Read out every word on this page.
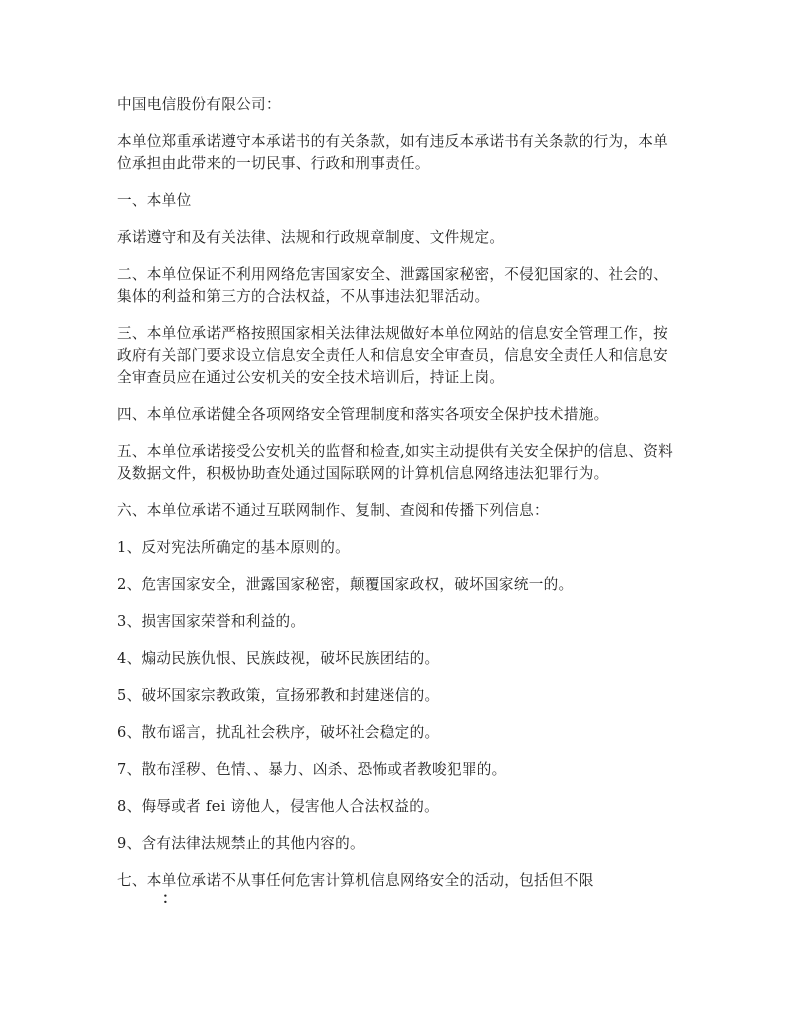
中国电信股份有限公司：

本单位郑重承诺遵守本承诺书的有关条款，如有违反本承诺书有关条款的行为，本单位承担由此带来的一切民事、行政和刑事责任。

一、本单位

承诺遵守和及有关法律、法规和行政规章制度、文件规定。

二、本单位保证不利用网络危害国家安全、泄露国家秘密，不侵犯国家的、社会的、集体的利益和第三方的合法权益，不从事违法犯罪活动。

三、本单位承诺严格按照国家相关法律法规做好本单位网站的信息安全管理工作，按政府有关部门要求设立信息安全责任人和信息安全审查员，信息安全责任人和信息安全审查员应在通过公安机关的安全技术培训后，持证上岗。

四、本单位承诺健全各项网络安全管理制度和落实各项安全保护技术措施。

五、本单位承诺接受公安机关的监督和检查,如实主动提供有关安全保护的信息、资料及数据文件，积极协助查处通过国际联网的计算机信息网络违法犯罪行为。

六、本单位承诺不通过互联网制作、复制、查阅和传播下列信息：

1、反对宪法所确定的基本原则的。

2、危害国家安全，泄露国家秘密，颠覆国家政权，破坏国家统一的。

3、损害国家荣誉和利益的。

4、煽动民族仇恨、民族歧视，破坏民族团结的。

5、破坏国家宗教政策，宣扬邪教和封建迷信的。

6、散布谣言，扰乱社会秩序，破坏社会稳定的。

7、散布淫秽、色情、、暴力、凶杀、恐怖或者教唆犯罪的。

8、侮辱或者 fei 谤他人，侵害他人合法权益的。

9、含有法律法规禁止的其他内容的。

七、本单位承诺不从事任何危害计算机信息网络安全的活动，包括但不限

：
